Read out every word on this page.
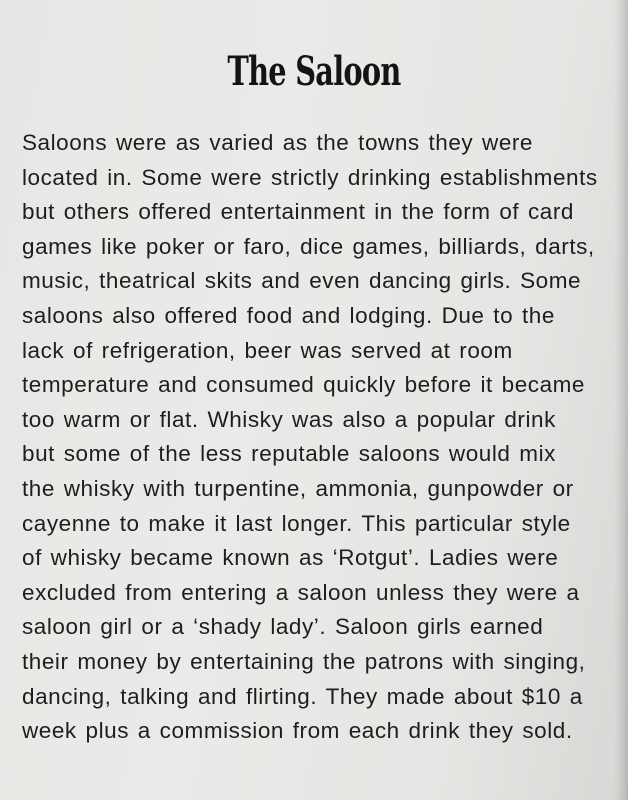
The Saloon
Saloons were as varied as the towns they were
located in. Some were strictly drinking establishments
but others offered entertainment in the form of card
games like poker or faro, dice games, billiards, darts,
music, theatrical skits and even dancing girls. Some
saloons also offered food and lodging. Due to the
lack of refrigeration, beer was served at room
temperature and consumed quickly before it became
too warm or flat. Whisky was also a popular drink
but some of the less reputable saloons would mix
the whisky with turpentine, ammonia, gunpowder or
cayenne to make it last longer. This particular style
of whisky became known as ‘Rotgut’. Ladies were
excluded from entering a saloon unless they were a
saloon girl or a ‘shady lady’. Saloon girls earned
their money by entertaining the patrons with singing,
dancing, talking and flirting. They made about $10 a
week plus a commission from each drink they sold.
